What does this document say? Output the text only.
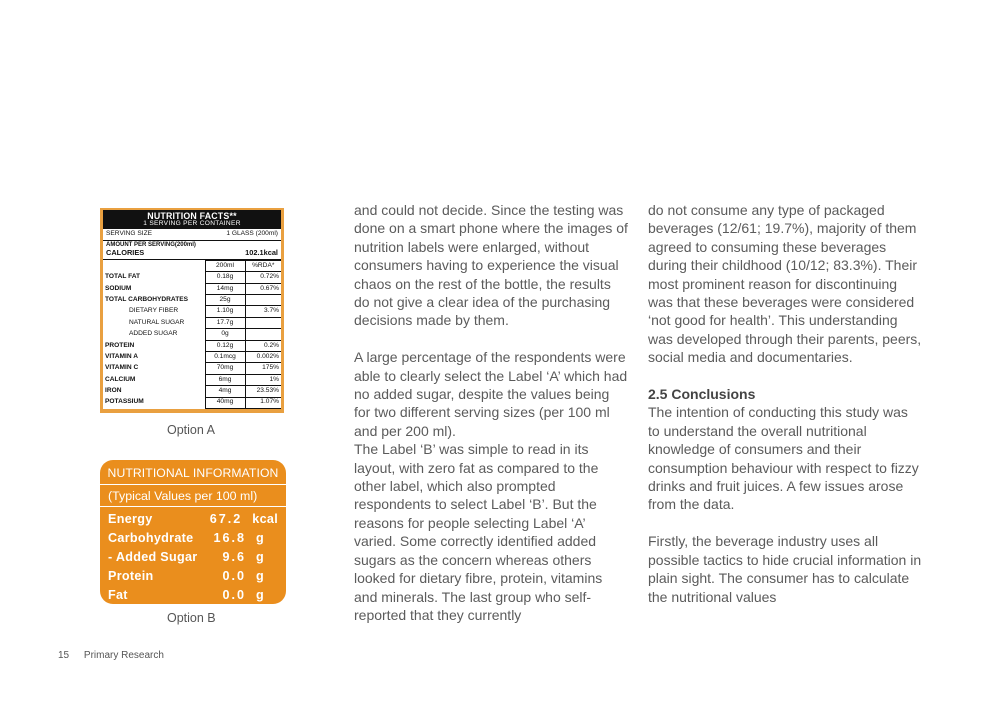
NUTRITION FACTS**
1 SERVING PER CONTAINER
SERVING SIZE	1 GLASS (200ml)
AMOUNT PER SERVING(200ml)
CALORIES	102.1kcal
	200ml	%RDA*
TOTAL FAT	0.18g	0.72%
SODIUM	14mg	0.67%
TOTAL CARBOHYDRATES	25g	
DIETARY FIBER	1.10g	3.7%
NATURAL SUGAR	17.7g	
ADDED SUGAR	0g	
PROTEIN	0.12g	0.2%
VITAMIN A	0.1mcg	0.002%
VITAMIN C	70mg	175%
CALCIUM	6mg	1%
IRON	4mg	23.53%
POTASSIUM	40mg	1.07%
Option A
NUTRITIONAL INFORMATION
(Typical Values per 100 ml)
Energy	67.2 kcal
Carbohydrate	16.8 g
- Added Sugar	9.6 g
Protein	0.0 g
Fat	0.0 g
Option B

and could not decide. Since the testing was done on a smart phone where the images of nutrition labels were enlarged, without consumers having to experience the visual chaos on the rest of the bottle, the results do not give a clear idea of the purchasing decisions made by them.

A large percentage of the respondents were able to clearly select the Label ‘A’ which had no added sugar, despite the values being for two different serving sizes (per 100 ml and per 200 ml).

The Label ‘B’ was simple to read in its layout, with zero fat as compared to the other label, which also prompted respondents to select Label ‘B’. But the reasons for people selecting Label ‘A’ varied. Some correctly identified added sugars as the concern whereas others looked for dietary fibre, protein, vitamins and minerals. The last group who self-reported that they currently

do not consume any type of packaged beverages (12/61; 19.7%), majority of them agreed to consuming these beverages during their childhood (10/12; 83.3%). Their most prominent reason for discontinuing was that these beverages were considered ‘not good for health’. This understanding was developed through their parents, peers, social media and documentaries.

2.5 Conclusions

The intention of conducting this study was to understand the overall nutritional knowledge of consumers and their consumption behaviour with respect to fizzy drinks and fruit juices. A few issues arose from the data.

Firstly, the beverage industry uses all possible tactics to hide crucial information in plain sight. The consumer has to calculate the nutritional values

15 Primary Research
